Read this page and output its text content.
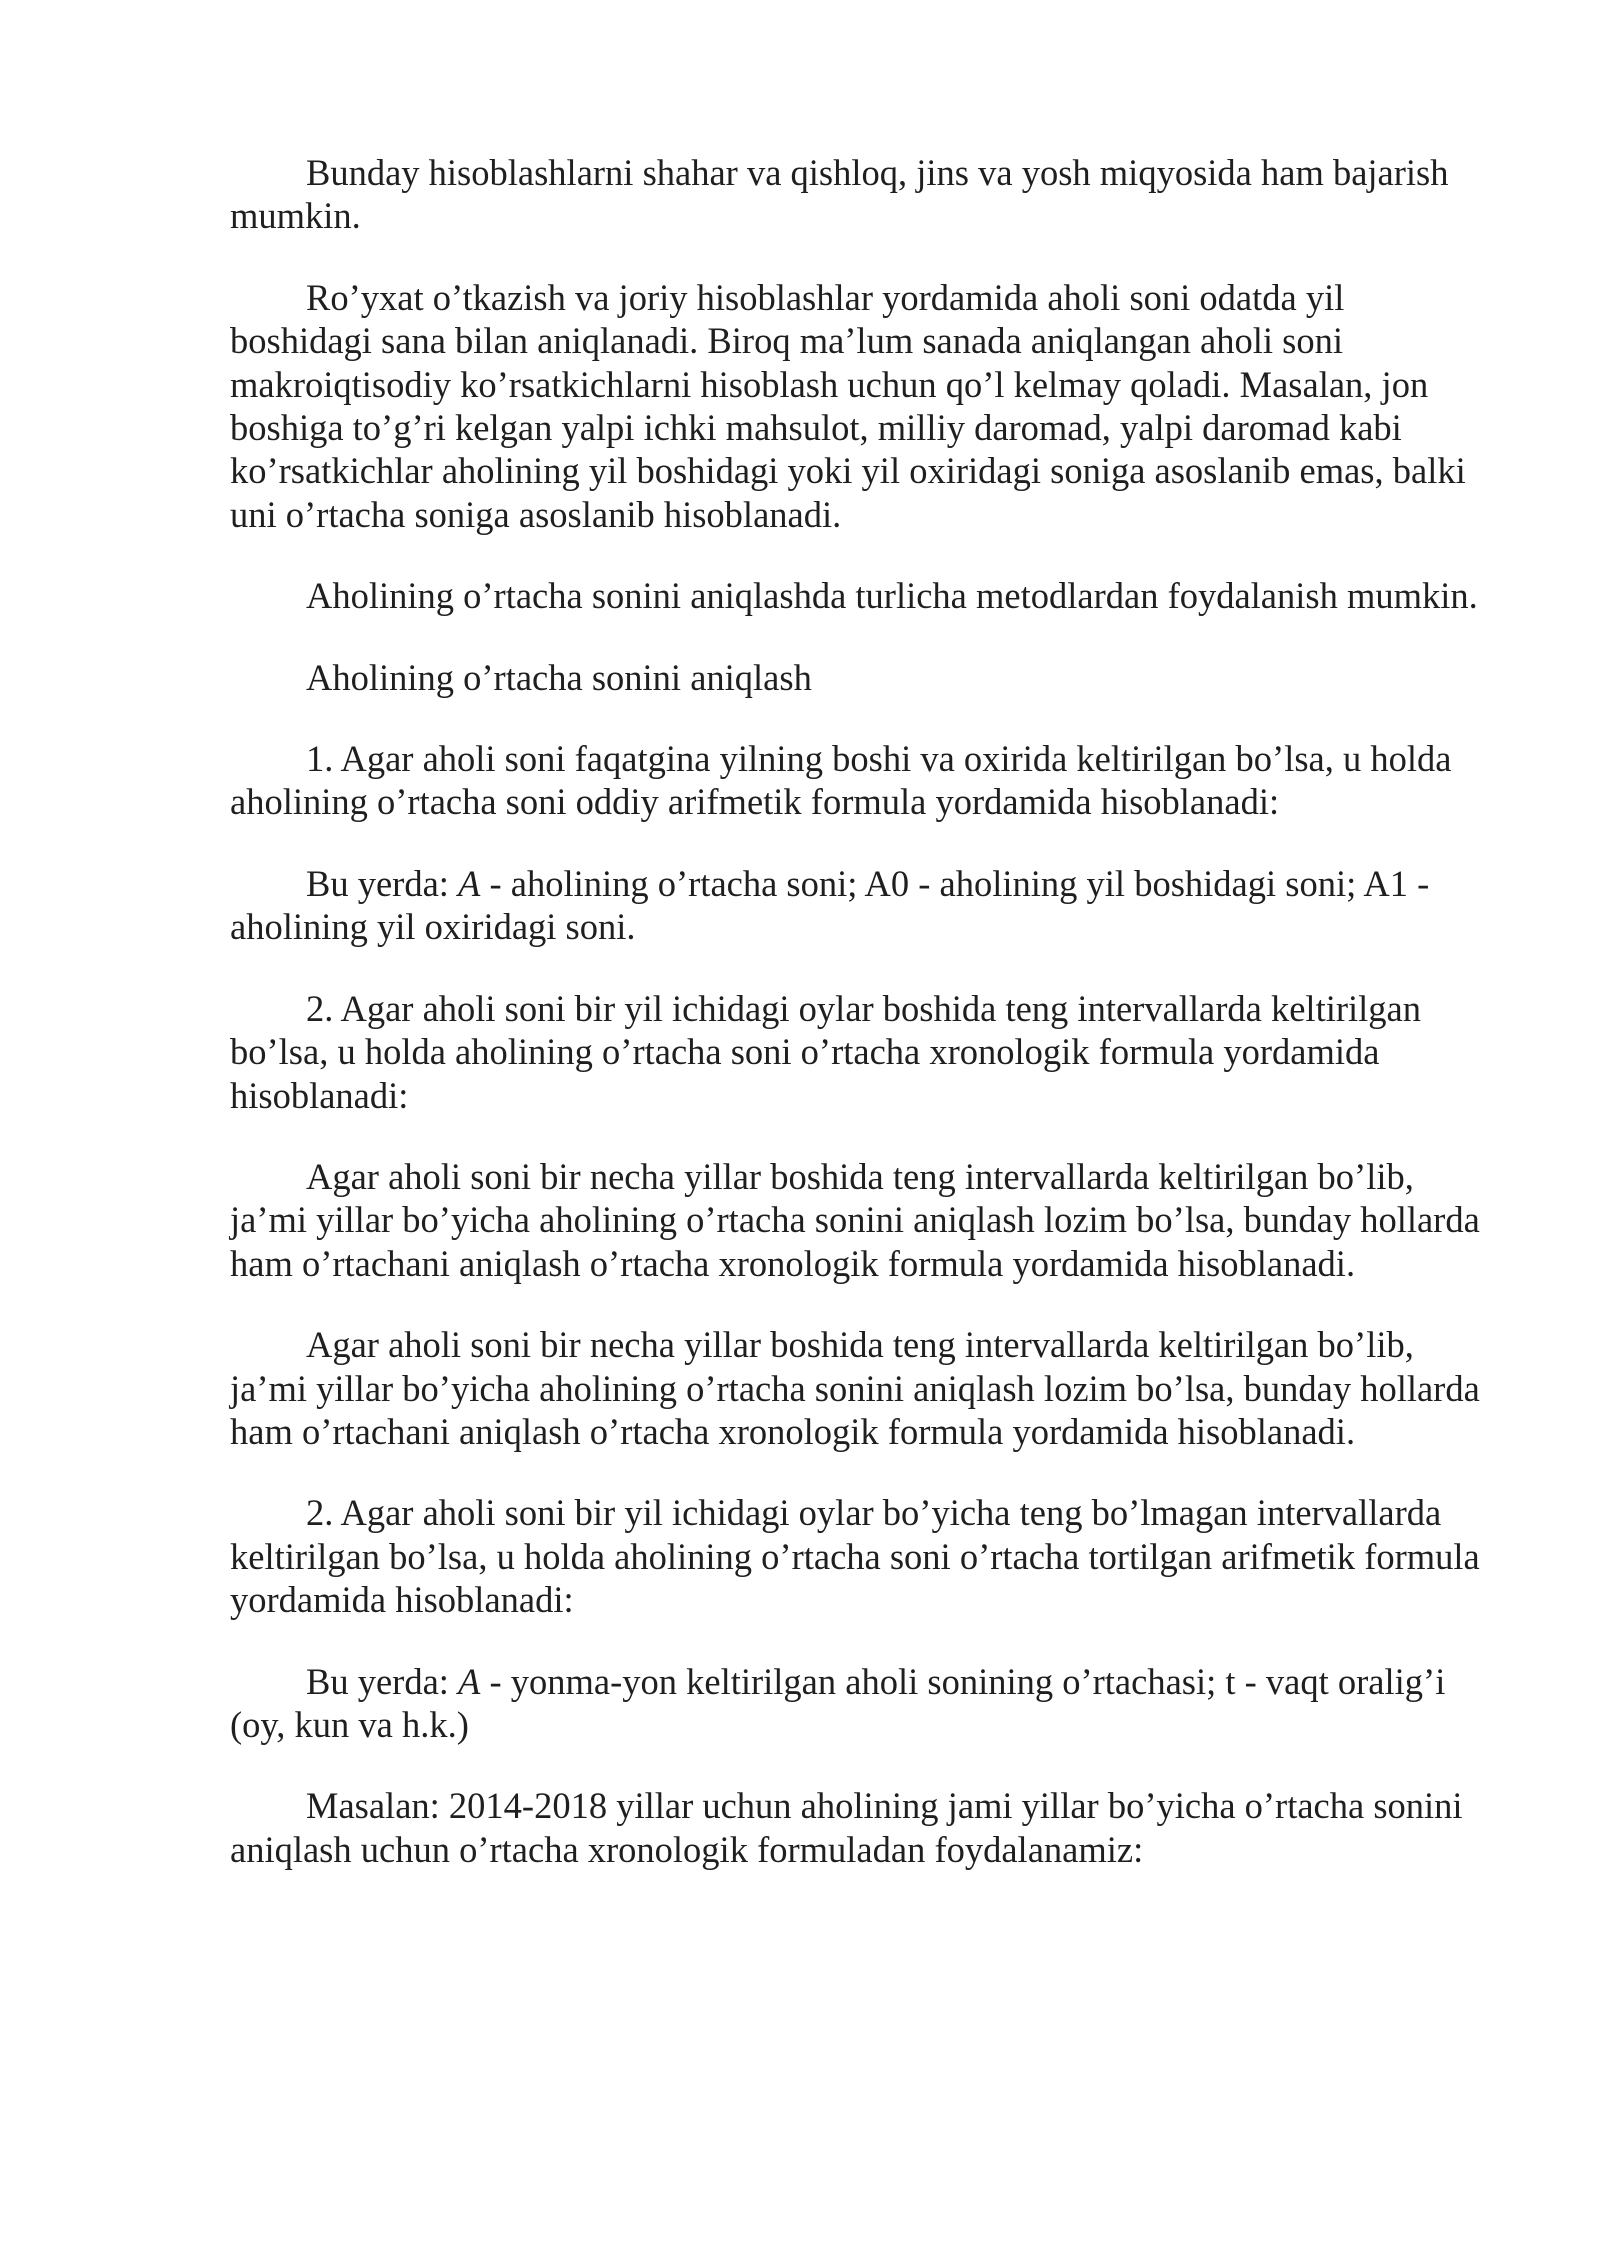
Bunday hisoblashlarni shahar va qishloq, jins va yosh miqyosida ham bajarish mumkin.

Ro’yxat o’tkazish va joriy hisoblashlar yordamida aholi soni odatda yil boshidagi sana bilan aniqlanadi. Biroq ma’lum sanada aniqlangan aholi soni makroiqtisodiy ko’rsatkichlarni hisoblash uchun qo’l kelmay qoladi. Masalan, jon boshiga to’g’ri kelgan yalpi ichki mahsulot, milliy daromad, yalpi daromad kabi ko’rsatkichlar aholining yil boshidagi yoki yil oxiridagi soniga asoslanib emas, balki uni o’rtacha soniga asoslanib hisoblanadi.

Aholining o’rtacha sonini aniqlashda turlicha metodlardan foydalanish mumkin.

Aholining o’rtacha sonini aniqlash

1. Agar aholi soni faqatgina yilning boshi va oxirida keltirilgan bo’lsa, u holda aholining o’rtacha soni oddiy arifmetik formula yordamida hisoblanadi:

Bu yerda: A - aholining o’rtacha soni; A0 - aholining yil boshidagi soni; A1 - aholining yil oxiridagi soni.

2. Agar aholi soni bir yil ichidagi oylar boshida teng intervallarda keltirilgan bo’lsa, u holda aholining o’rtacha soni o’rtacha xronologik formula yordamida hisoblanadi:

Agar aholi soni bir necha yillar boshida teng intervallarda keltirilgan bo’lib, ja’mi yillar bo’yicha aholining o’rtacha sonini aniqlash lozim bo’lsa, bunday hollarda ham o’rtachani aniqlash o’rtacha xronologik formula yordamida hisoblanadi.

Agar aholi soni bir necha yillar boshida teng intervallarda keltirilgan bo’lib, ja’mi yillar bo’yicha aholining o’rtacha sonini aniqlash lozim bo’lsa, bunday hollarda ham o’rtachani aniqlash o’rtacha xronologik formula yordamida hisoblanadi.

2. Agar aholi soni bir yil ichidagi oylar bo’yicha teng bo’lmagan intervallarda keltirilgan bo’lsa, u holda aholining o’rtacha soni o’rtacha tortilgan arifmetik formula yordamida hisoblanadi:

Bu yerda: A - yonma-yon keltirilgan aholi sonining o’rtachasi; t - vaqt oralig’i (oy, kun va h.k.)

Masalan: 2014-2018 yillar uchun aholining jami yillar bo’yicha o’rtacha sonini aniqlash uchun o’rtacha xronologik formuladan foydalanamiz:
